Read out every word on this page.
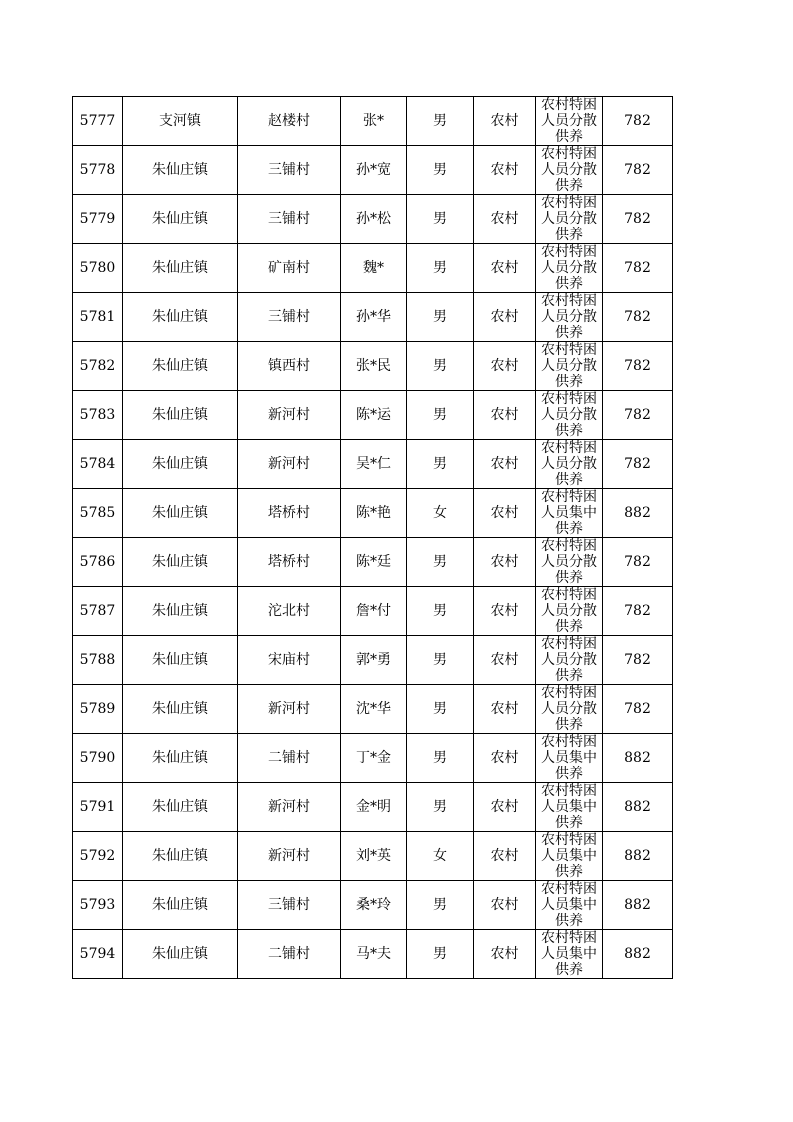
5777	支河镇	赵楼村	张*	男	农村	农村特困人员分散供养	782
5778	朱仙庄镇	三铺村	孙*宽	男	农村	农村特困人员分散供养	782
5779	朱仙庄镇	三铺村	孙*松	男	农村	农村特困人员分散供养	782
5780	朱仙庄镇	矿南村	魏*	男	农村	农村特困人员分散供养	782
5781	朱仙庄镇	三铺村	孙*华	男	农村	农村特困人员分散供养	782
5782	朱仙庄镇	镇西村	张*民	男	农村	农村特困人员分散供养	782
5783	朱仙庄镇	新河村	陈*运	男	农村	农村特困人员分散供养	782
5784	朱仙庄镇	新河村	吴*仁	男	农村	农村特困人员分散供养	782
5785	朱仙庄镇	塔桥村	陈*艳	女	农村	农村特困人员集中供养	882
5786	朱仙庄镇	塔桥村	陈*廷	男	农村	农村特困人员分散供养	782
5787	朱仙庄镇	沱北村	詹*付	男	农村	农村特困人员分散供养	782
5788	朱仙庄镇	宋庙村	郭*勇	男	农村	农村特困人员分散供养	782
5789	朱仙庄镇	新河村	沈*华	男	农村	农村特困人员分散供养	782
5790	朱仙庄镇	二铺村	丁*金	男	农村	农村特困人员集中供养	882
5791	朱仙庄镇	新河村	金*明	男	农村	农村特困人员集中供养	882
5792	朱仙庄镇	新河村	刘*英	女	农村	农村特困人员集中供养	882
5793	朱仙庄镇	三铺村	桑*玲	男	农村	农村特困人员集中供养	882
5794	朱仙庄镇	二铺村	马*夫	男	农村	农村特困人员集中供养	882
